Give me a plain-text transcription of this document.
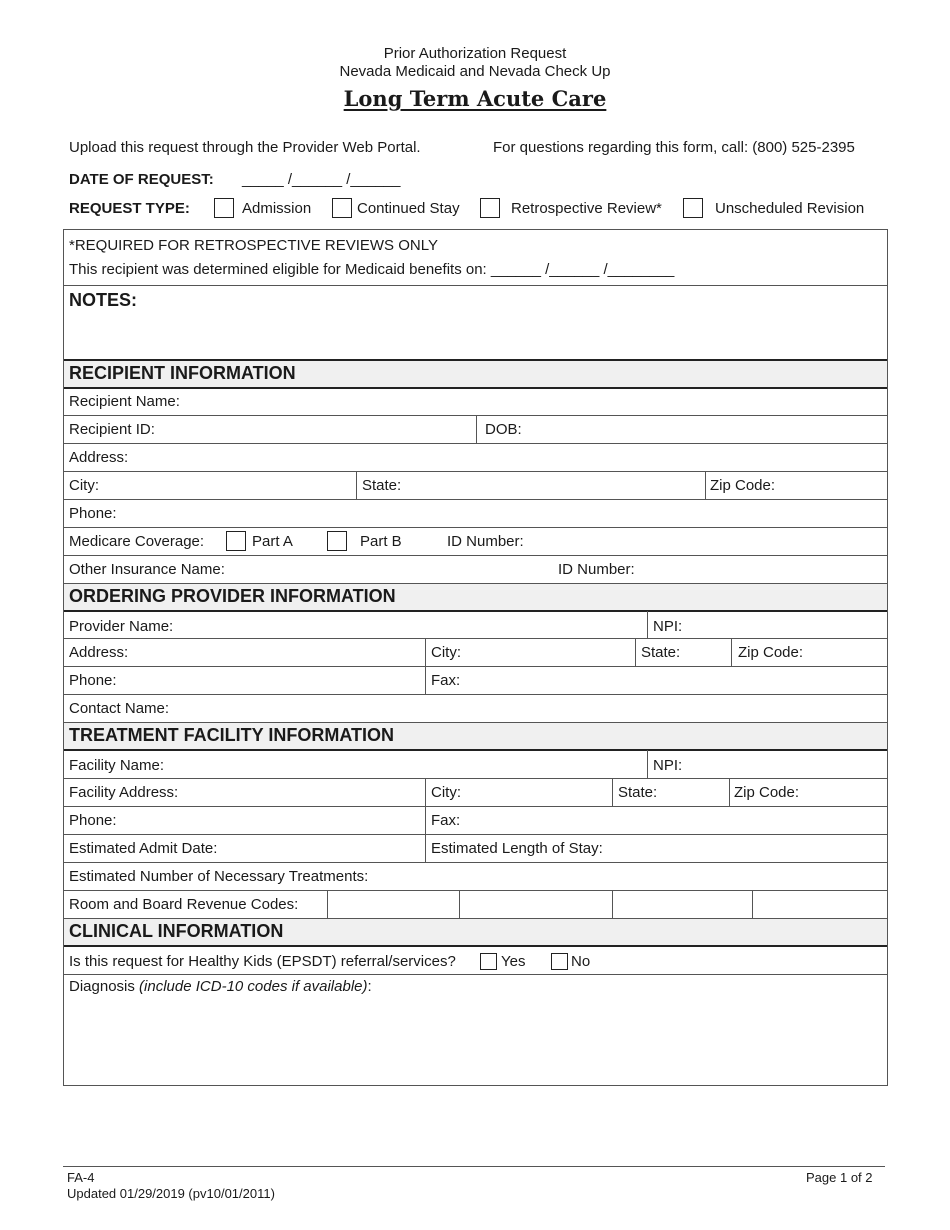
Prior Authorization Request
Nevada Medicaid and Nevada Check Up
Long Term Acute Care
Upload this request through the Provider Web Portal.	For questions regarding this form, call: (800) 525-2395
DATE OF REQUEST: _____ /______ /______
REQUEST TYPE:	Admission	Continued Stay	Retrospective Review*	Unscheduled Revision
*REQUIRED FOR RETROSPECTIVE REVIEWS ONLY
This recipient was determined eligible for Medicaid benefits on: ______ /______ /________
NOTES:
RECIPIENT INFORMATION
Recipient Name:
Recipient ID:	DOB:
Address:
City:	State:	Zip Code:
Phone:
Medicare Coverage:	Part A	Part B	ID Number:
Other Insurance Name:	ID Number:
ORDERING PROVIDER INFORMATION
Provider Name:	NPI:
Address:	City:	State:	Zip Code:
Phone:	Fax:
Contact Name:
TREATMENT FACILITY INFORMATION
Facility Name:	NPI:
Facility Address:	City:	State:	Zip Code:
Phone:	Fax:
Estimated Admit Date:	Estimated Length of Stay:
Estimated Number of Necessary Treatments:
Room and Board Revenue Codes:
CLINICAL INFORMATION
Is this request for Healthy Kids (EPSDT) referral/services?	Yes	No
Diagnosis (include ICD-10 codes if available):
FA-4
Updated 01/29/2019 (pv10/01/2011)
Page 1 of 2
